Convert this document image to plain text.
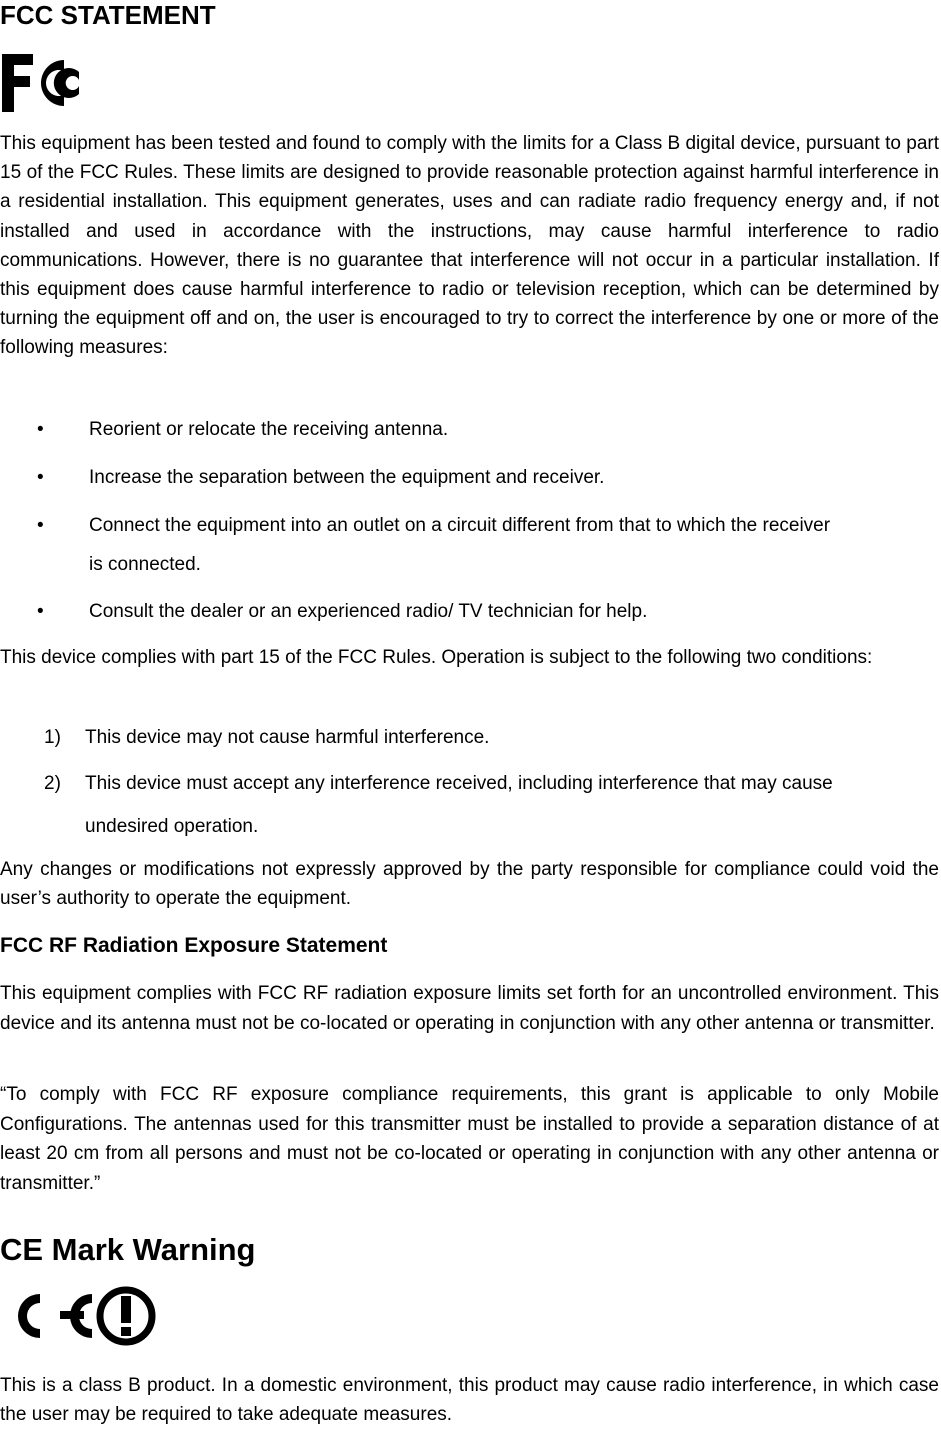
FCC STATEMENT

This equipment has been tested and found to comply with the limits for a Class B digital device, pursuant to part 15 of the FCC Rules. These limits are designed to provide reasonable protection against harmful interference in a residential installation. This equipment generates, uses and can radiate radio frequency energy and, if not installed and used in accordance with the instructions, may cause harmful interference to radio communications. However, there is no guarantee that interference will not occur in a particular installation. If this equipment does cause harmful interference to radio or television reception, which can be determined by turning the equipment off and on, the user is encouraged to try to correct the interference by one or more of the following measures:

• Reorient or relocate the receiving antenna.
• Increase the separation between the equipment and receiver.
• Connect the equipment into an outlet on a circuit different from that to which the receiver
is connected.
• Consult the dealer or an experienced radio/ TV technician for help.

This device complies with part 15 of the FCC Rules. Operation is subject to the following two conditions:

1) This device may not cause harmful interference.
2) This device must accept any interference received, including interference that may cause
undesired operation.

Any changes or modifications not expressly approved by the party responsible for compliance could void the user’s authority to operate the equipment.

FCC RF Radiation Exposure Statement

This equipment complies with FCC RF radiation exposure limits set forth for an uncontrolled environment. This device and its antenna must not be co-located or operating in conjunction with any other antenna or transmitter.

“To comply with FCC RF exposure compliance requirements, this grant is applicable to only Mobile Configurations. The antennas used for this transmitter must be installed to provide a separation distance of at least 20 cm from all persons and must not be co-located or operating in conjunction with any other antenna or transmitter.”

CE Mark Warning

This is a class B product. In a domestic environment, this product may cause radio interference, in which case the user may be required to take adequate measures.
